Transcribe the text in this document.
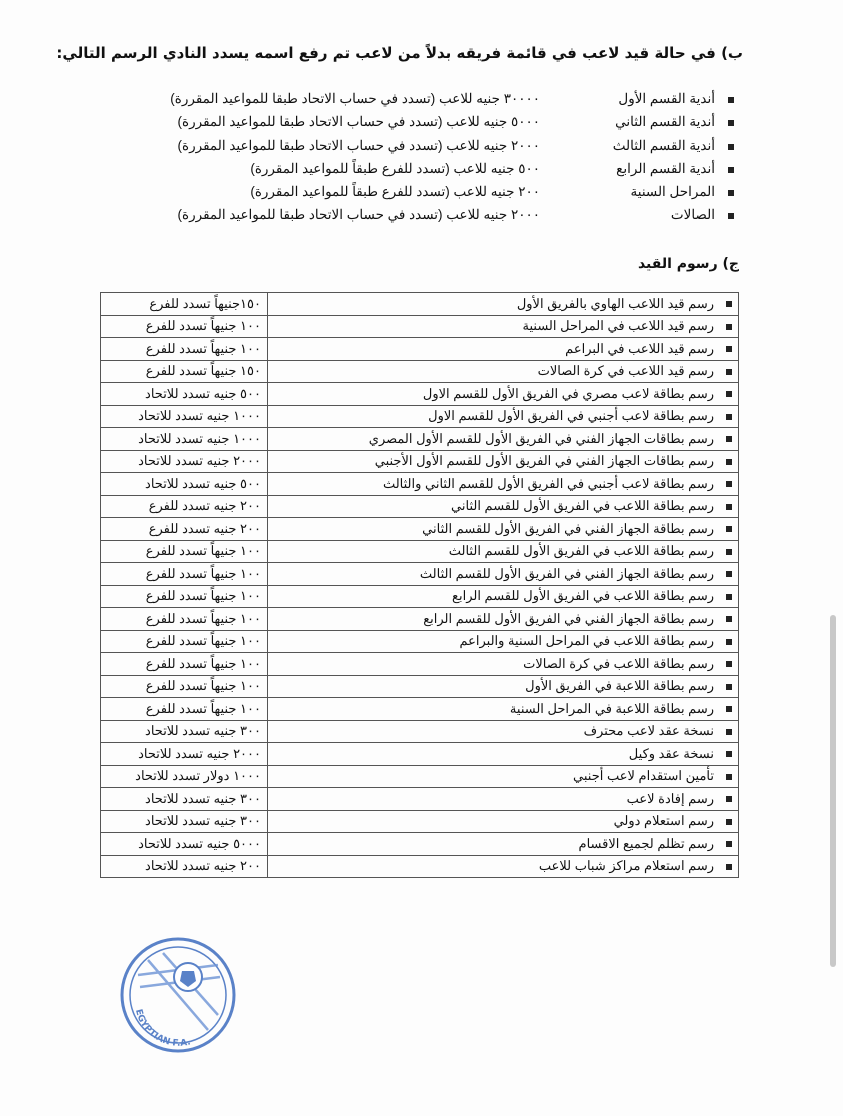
ب) في حالة قيد لاعب في قائمة فريقه بدلاً من لاعب تم رفع اسمه يسدد النادي الرسم التالي:
أندية القسم الأول
٣٠٠٠٠ جنيه للاعب (تسدد في حساب الاتحاد طبقا للمواعيد المقررة)
أندية القسم الثاني
٥٠٠٠ جنيه للاعب (تسدد في حساب الاتحاد طبقا للمواعيد المقررة)
أندية القسم الثالث
٢٠٠٠ جنيه للاعب (تسدد في حساب الاتحاد طبقا للمواعيد المقررة)
أندية القسم الرابع
٥٠٠ جنيه للاعب (تسدد للفرع طبقاً للمواعيد المقررة)
المراحل السنية
٢٠٠ جنيه للاعب (تسدد للفرع طبقاً للمواعيد المقررة)
الصالات
٢٠٠٠ جنيه للاعب (تسدد في حساب الاتحاد طبقا للمواعيد المقررة)
ج) رسوم القيد
رسم قيد اللاعب الهاوي بالفريق الأول	١٥٠جنيهاً تسدد للفرع

رسم قيد اللاعب في المراحل السنية	١٠٠ جنيهاً تسدد للفرع

رسم قيد اللاعب في البراعم	١٠٠ جنيهاً تسدد للفرع

رسم قيد اللاعب في كرة الصالات	١٥٠ جنيهاً تسدد للفرع

رسم بطاقة لاعب مصري في الفريق الأول للقسم الاول	٥٠٠ جنيه تسدد للاتحاد

رسم بطاقة لاعب أجنبي في الفريق الأول للقسم الاول	١٠٠٠ جنيه تسدد للاتحاد

رسم بطاقات الجهاز الفني في الفريق الأول للقسم الأول المصري	١٠٠٠ جنيه تسدد للاتحاد

رسم بطاقات الجهاز الفني في الفريق الأول للقسم الأول الأجنبي	٢٠٠٠ جنيه تسدد للاتحاد

رسم بطاقة لاعب أجنبي في الفريق الأول للقسم الثاني والثالث	٥٠٠ جنيه تسدد للاتحاد

رسم بطاقة اللاعب في الفريق الأول للقسم الثاني	٢٠٠ جنيه تسدد للفرع

رسم بطاقة الجهاز الفني في الفريق الأول للقسم الثاني	٢٠٠ جنيه تسدد للفرع

رسم بطاقة اللاعب في الفريق الأول للقسم الثالث	١٠٠ جنيهاً تسدد للفرع

رسم بطاقة الجهاز الفني في الفريق الأول للقسم الثالث	١٠٠ جنيهاً تسدد للفرع

رسم بطاقة اللاعب في الفريق الأول للقسم الرابع	١٠٠ جنيهاً تسدد للفرع

رسم بطاقة الجهاز الفني في الفريق الأول للقسم الرابع	١٠٠ جنيهاً تسدد للفرع

رسم بطاقة اللاعب في المراحل السنية والبراعم	١٠٠ جنيهاً تسدد للفرع

رسم بطاقة اللاعب في كرة الصالات	١٠٠ جنيهاً تسدد للفرع

رسم بطاقة اللاعبة في الفريق الأول	١٠٠ جنيهاً تسدد للفرع

رسم بطاقة اللاعبة في المراحل السنية	١٠٠ جنيهاً تسدد للفرع

نسخة عقد لاعب محترف	٣٠٠ جنيه تسدد للاتحاد

نسخة عقد وكيل	٢٠٠٠ جنيه تسدد للاتحاد

تأمين استقدام لاعب أجنبي	١٠٠٠ دولار تسدد للاتحاد

رسم إفادة لاعب	٣٠٠ جنيه تسدد للاتحاد

رسم استعلام دولي	٣٠٠ جنيه تسدد للاتحاد

رسم تظلم لجميع الاقسام	٥٠٠٠ جنيه تسدد للاتحاد

رسم استعلام مراكز شباب للاعب	٢٠٠ جنيه تسدد للاتحاد
EGYPTIAN F.A.
